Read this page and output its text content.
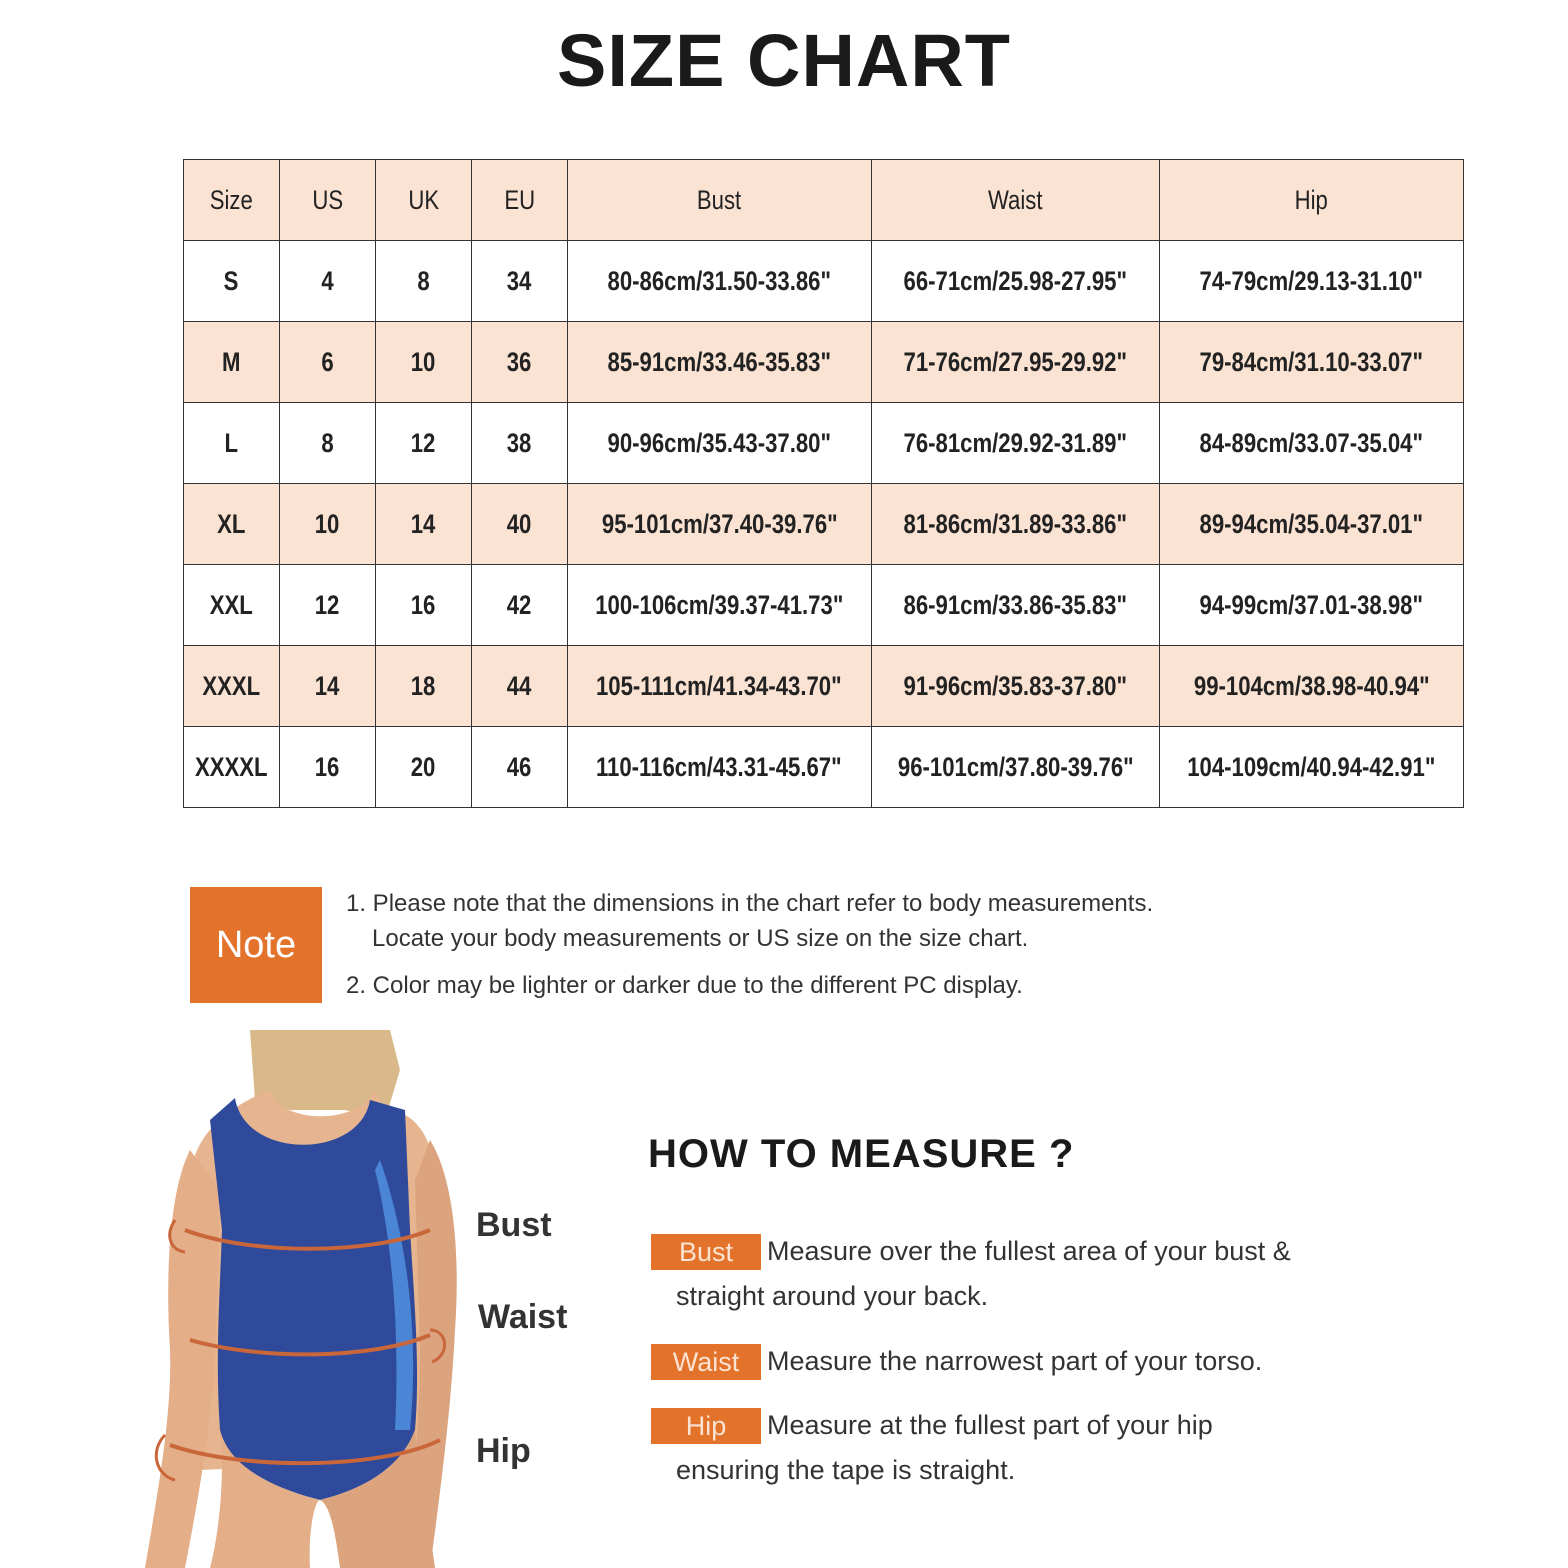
SIZE CHART
Size	US	UK	EU	Bust	Waist	Hip
S	4	8	34	80-86cm/31.50-33.86"	66-71cm/25.98-27.95"	74-79cm/29.13-31.10"
M	6	10	36	85-91cm/33.46-35.83"	71-76cm/27.95-29.92"	79-84cm/31.10-33.07"
L	8	12	38	90-96cm/35.43-37.80"	76-81cm/29.92-31.89"	84-89cm/33.07-35.04"
XL	10	14	40	95-101cm/37.40-39.76"	81-86cm/31.89-33.86"	89-94cm/35.04-37.01"
XXL	12	16	42	100-106cm/39.37-41.73"	86-91cm/33.86-35.83"	94-99cm/37.01-38.98"
XXXL	14	18	44	105-111cm/41.34-43.70"	91-96cm/35.83-37.80"	99-104cm/38.98-40.94"
XXXXL	16	20	46	110-116cm/43.31-45.67"	96-101cm/37.80-39.76"	104-109cm/40.94-42.91"
Note
1. Please note that the dimensions in the chart refer to body measurements.
Locate your body measurements or US size on the size chart.
2. Color may be lighter or darker due to the different PC display.
Bust
Waist
Hip
HOW TO MEASURE ?
Bust Measure over the fullest area of your bust &
straight around your back.
Waist Measure the narrowest part of your torso.
Hip Measure at the fullest part of your hip
ensuring the tape is straight.
